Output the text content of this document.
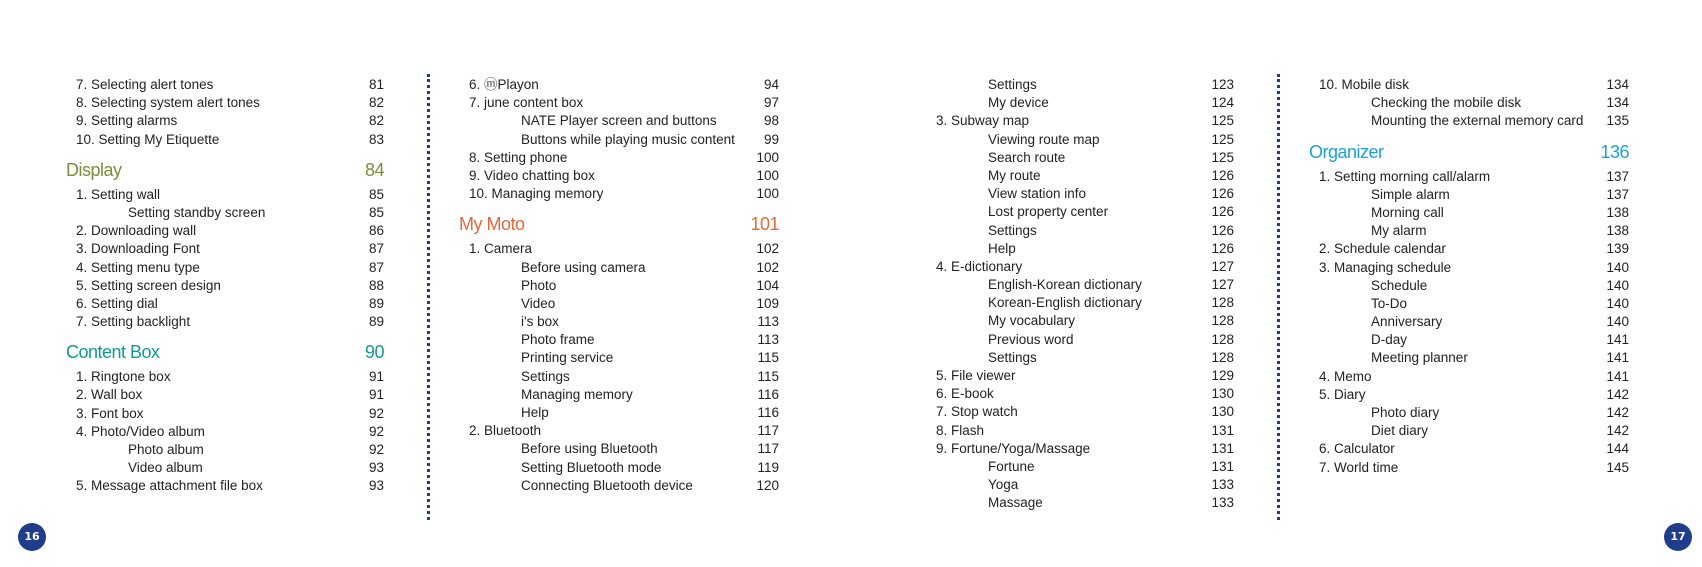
7. Selecting alert tones	81
8. Selecting system alert tones	82
9. Setting alarms	82
10. Setting My Etiquette	83
Display	84
1. Setting wall	85
Setting standby screen	85
2. Downloading wall	86
3. Downloading Font	87
4. Setting menu type	87
5. Setting screen design	88
6. Setting dial	89
7. Setting backlight	89
Content Box	90
1. Ringtone box	91
2. Wall box	91
3. Font box	92
4. Photo/Video album	92
Photo album	92
Video album	93
5. Message attachment file box	93
6. ⓜPlayon	94
7. june content box	97
NATE Player screen and buttons	98
Buttons while playing music content 99
8. Setting phone	100
9. Video chatting box	100
10. Managing memory	100
My Moto	101
1. Camera	102
Before using camera	102
Photo	104
Video	109
i's box	113
Photo frame	113
Printing service	115
Settings	115
Managing memory	116
Help	116
2. Bluetooth	117
Before using Bluetooth	117
Setting Bluetooth mode	119
Connecting Bluetooth device	120
Settings	123
My device	124
3. Subway map	125
Viewing route map	125
Search route	125
My route	126
View station info	126
Lost property center	126
Settings	126
Help	126
4. E-dictionary	127
English-Korean dictionary	127
Korean-English dictionary	128
My vocabulary	128
Previous word	128
Settings	128
5. File viewer	129
6. E-book	130
7. Stop watch	130
8. Flash	131
9. Fortune/Yoga/Massage	131
Fortune	131
Yoga	133
Massage	133
10. Mobile disk	134
Checking the mobile disk	134
Mounting the external memory card 135
Organizer	136
1. Setting morning call/alarm	137
Simple alarm	137
Morning call	138
My alarm	138
2. Schedule calendar	139
3. Managing schedule	140
Schedule	140
To-Do	140
Anniversary	140
D-day	141
Meeting planner	141
4. Memo	141
5. Diary	142
Photo diary	142
Diet diary	142
6. Calculator	144
7. World time	145
16	17
